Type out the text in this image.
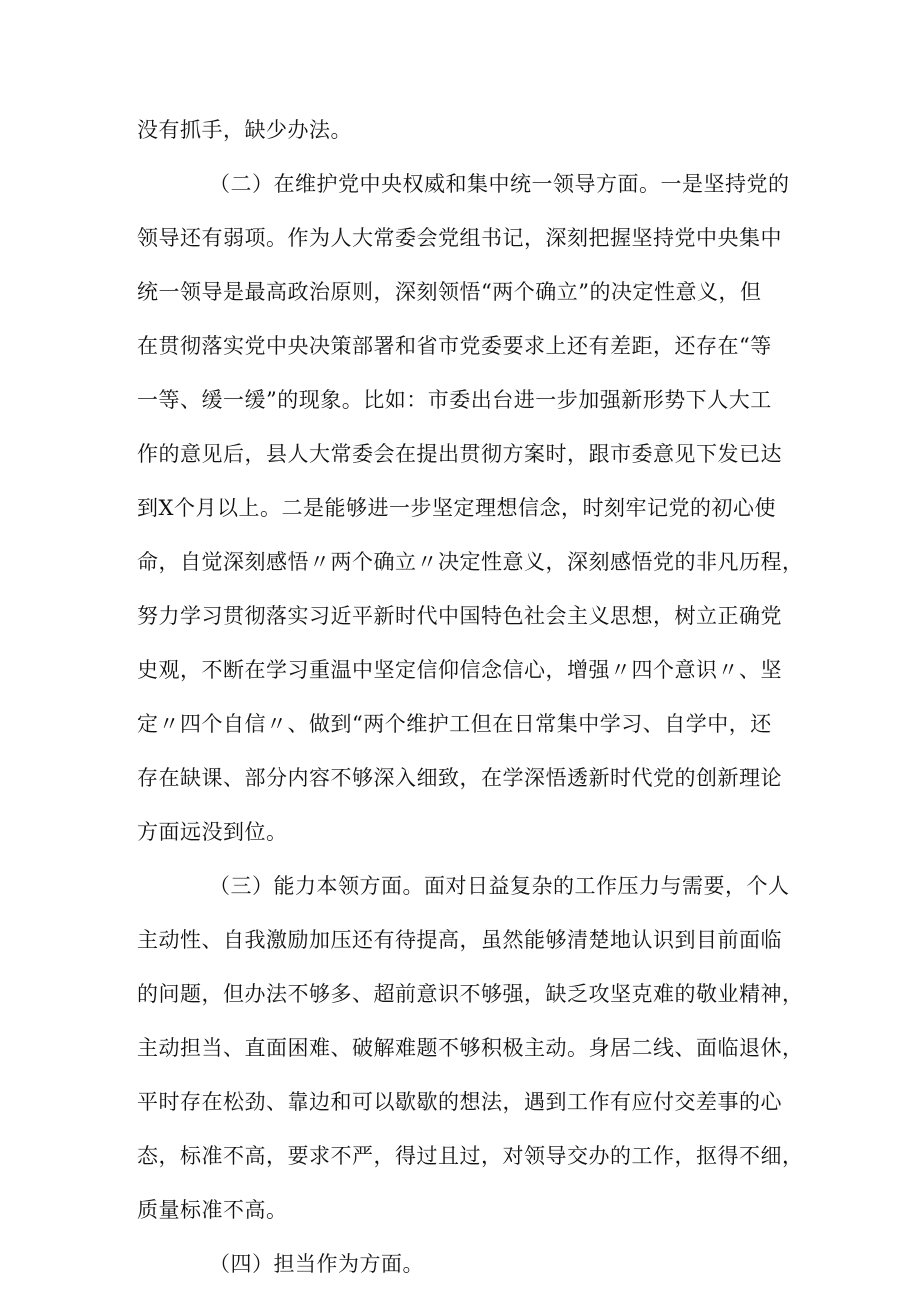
没有抓手，缺少办法。
（二）在维护党中央权威和集中统一领导方面。一是坚持党的
领导还有弱项。作为人大常委会党组书记，深刻把握坚持党中央集中
统一领导是最高政治原则，深刻领悟“两个确立”的决定性意义，但
在贯彻落实党中央决策部署和省市党委要求上还有差距，还存在“等
一等、缓一缓”的现象。比如：市委出台进一步加强新形势下人大工
作的意见后，县人大常委会在提出贯彻方案时，跟市委意见下发已达
到X个月以上。二是能够进一步坚定理想信念，时刻牢记党的初心使
命，自觉深刻感悟〃两个确立〃决定性意义，深刻感悟党的非凡历程，
努力学习贯彻落实习近平新时代中国特色社会主义思想，树立正确党
史观，不断在学习重温中坚定信仰信念信心，增强〃四个意识〃、坚
定〃四个自信〃、做到“两个维护工但在日常集中学习、自学中，还
存在缺课、部分内容不够深入细致，在学深悟透新时代党的创新理论
方面远没到位。
（三）能力本领方面。面对日益复杂的工作压力与需要，个人
主动性、自我激励加压还有待提高，虽然能够清楚地认识到目前面临
的问题，但办法不够多、超前意识不够强，缺乏攻坚克难的敬业精神，
主动担当、直面困难、破解难题不够积极主动。身居二线、面临退休，
平时存在松劲、靠边和可以歇歇的想法，遇到工作有应付交差事的心
态，标准不高，要求不严，得过且过，对领导交办的工作，抠得不细，
质量标准不高。
（四）担当作为方面。
